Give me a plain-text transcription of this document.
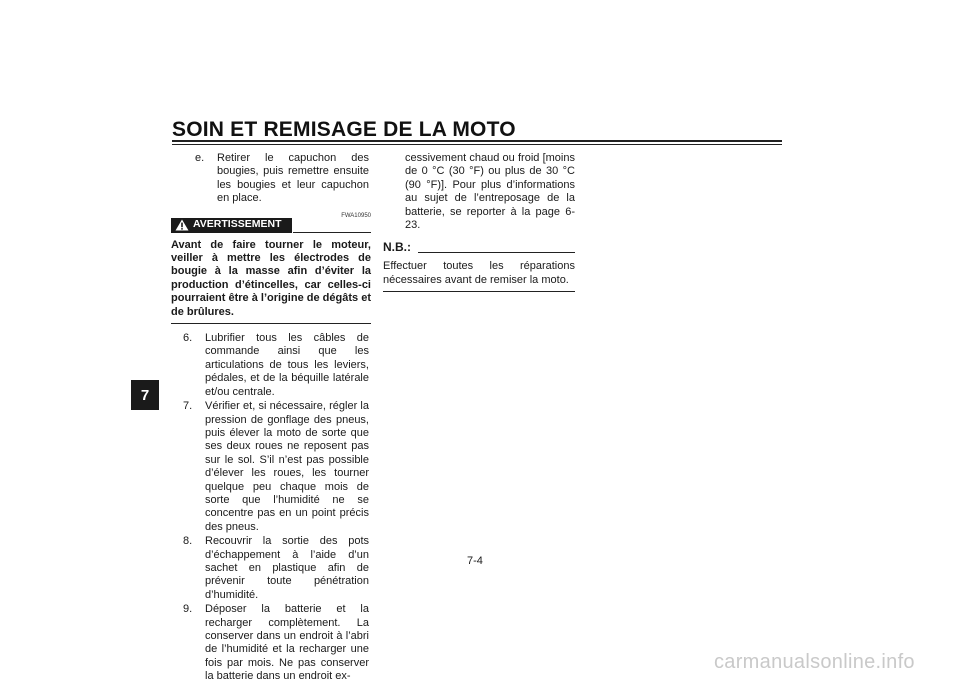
SOIN ET REMISAGE DE LA MOTO
7
e. Retirer le capuchon des bougies, puis remettre ensuite les bougies et leur capuchon en place.
FWA10950
AVERTISSEMENT
Avant de faire tourner le moteur, veiller à mettre les électrodes de bougie à la masse afin d’éviter la production d’étincelles, car celles-ci pourraient être à l’origine de dégâts et de brûlures.
6. Lubrifier tous les câbles de commande ainsi que les articulations de tous les leviers, pédales, et de la béquille latérale et/ou centrale.
7. Vérifier et, si nécessaire, régler la pression de gonflage des pneus, puis élever la moto de sorte que ses deux roues ne reposent pas sur le sol. S’il n’est pas possible d’élever les roues, les tourner quelque peu chaque mois de sorte que l’humidité ne se concentre pas en un point précis des pneus.
8. Recouvrir la sortie des pots d’échappement à l’aide d’un sachet en plastique afin de prévenir toute pénétration d’humidité.
9. Déposer la batterie et la recharger complètement. La conserver dans un endroit à l’abri de l’humidité et la recharger une fois par mois. Ne pas conserver la batterie dans un endroit ex-
cessivement chaud ou froid [moins de 0 °C (30 °F) ou plus de 30 °C (90 °F)]. Pour plus d’informations au sujet de l’entreposage de la batterie, se reporter à la page 6-23.
N.B.:
Effectuer toutes les réparations nécessaires avant de remiser la moto.
7-4
carmanualsonline.info
